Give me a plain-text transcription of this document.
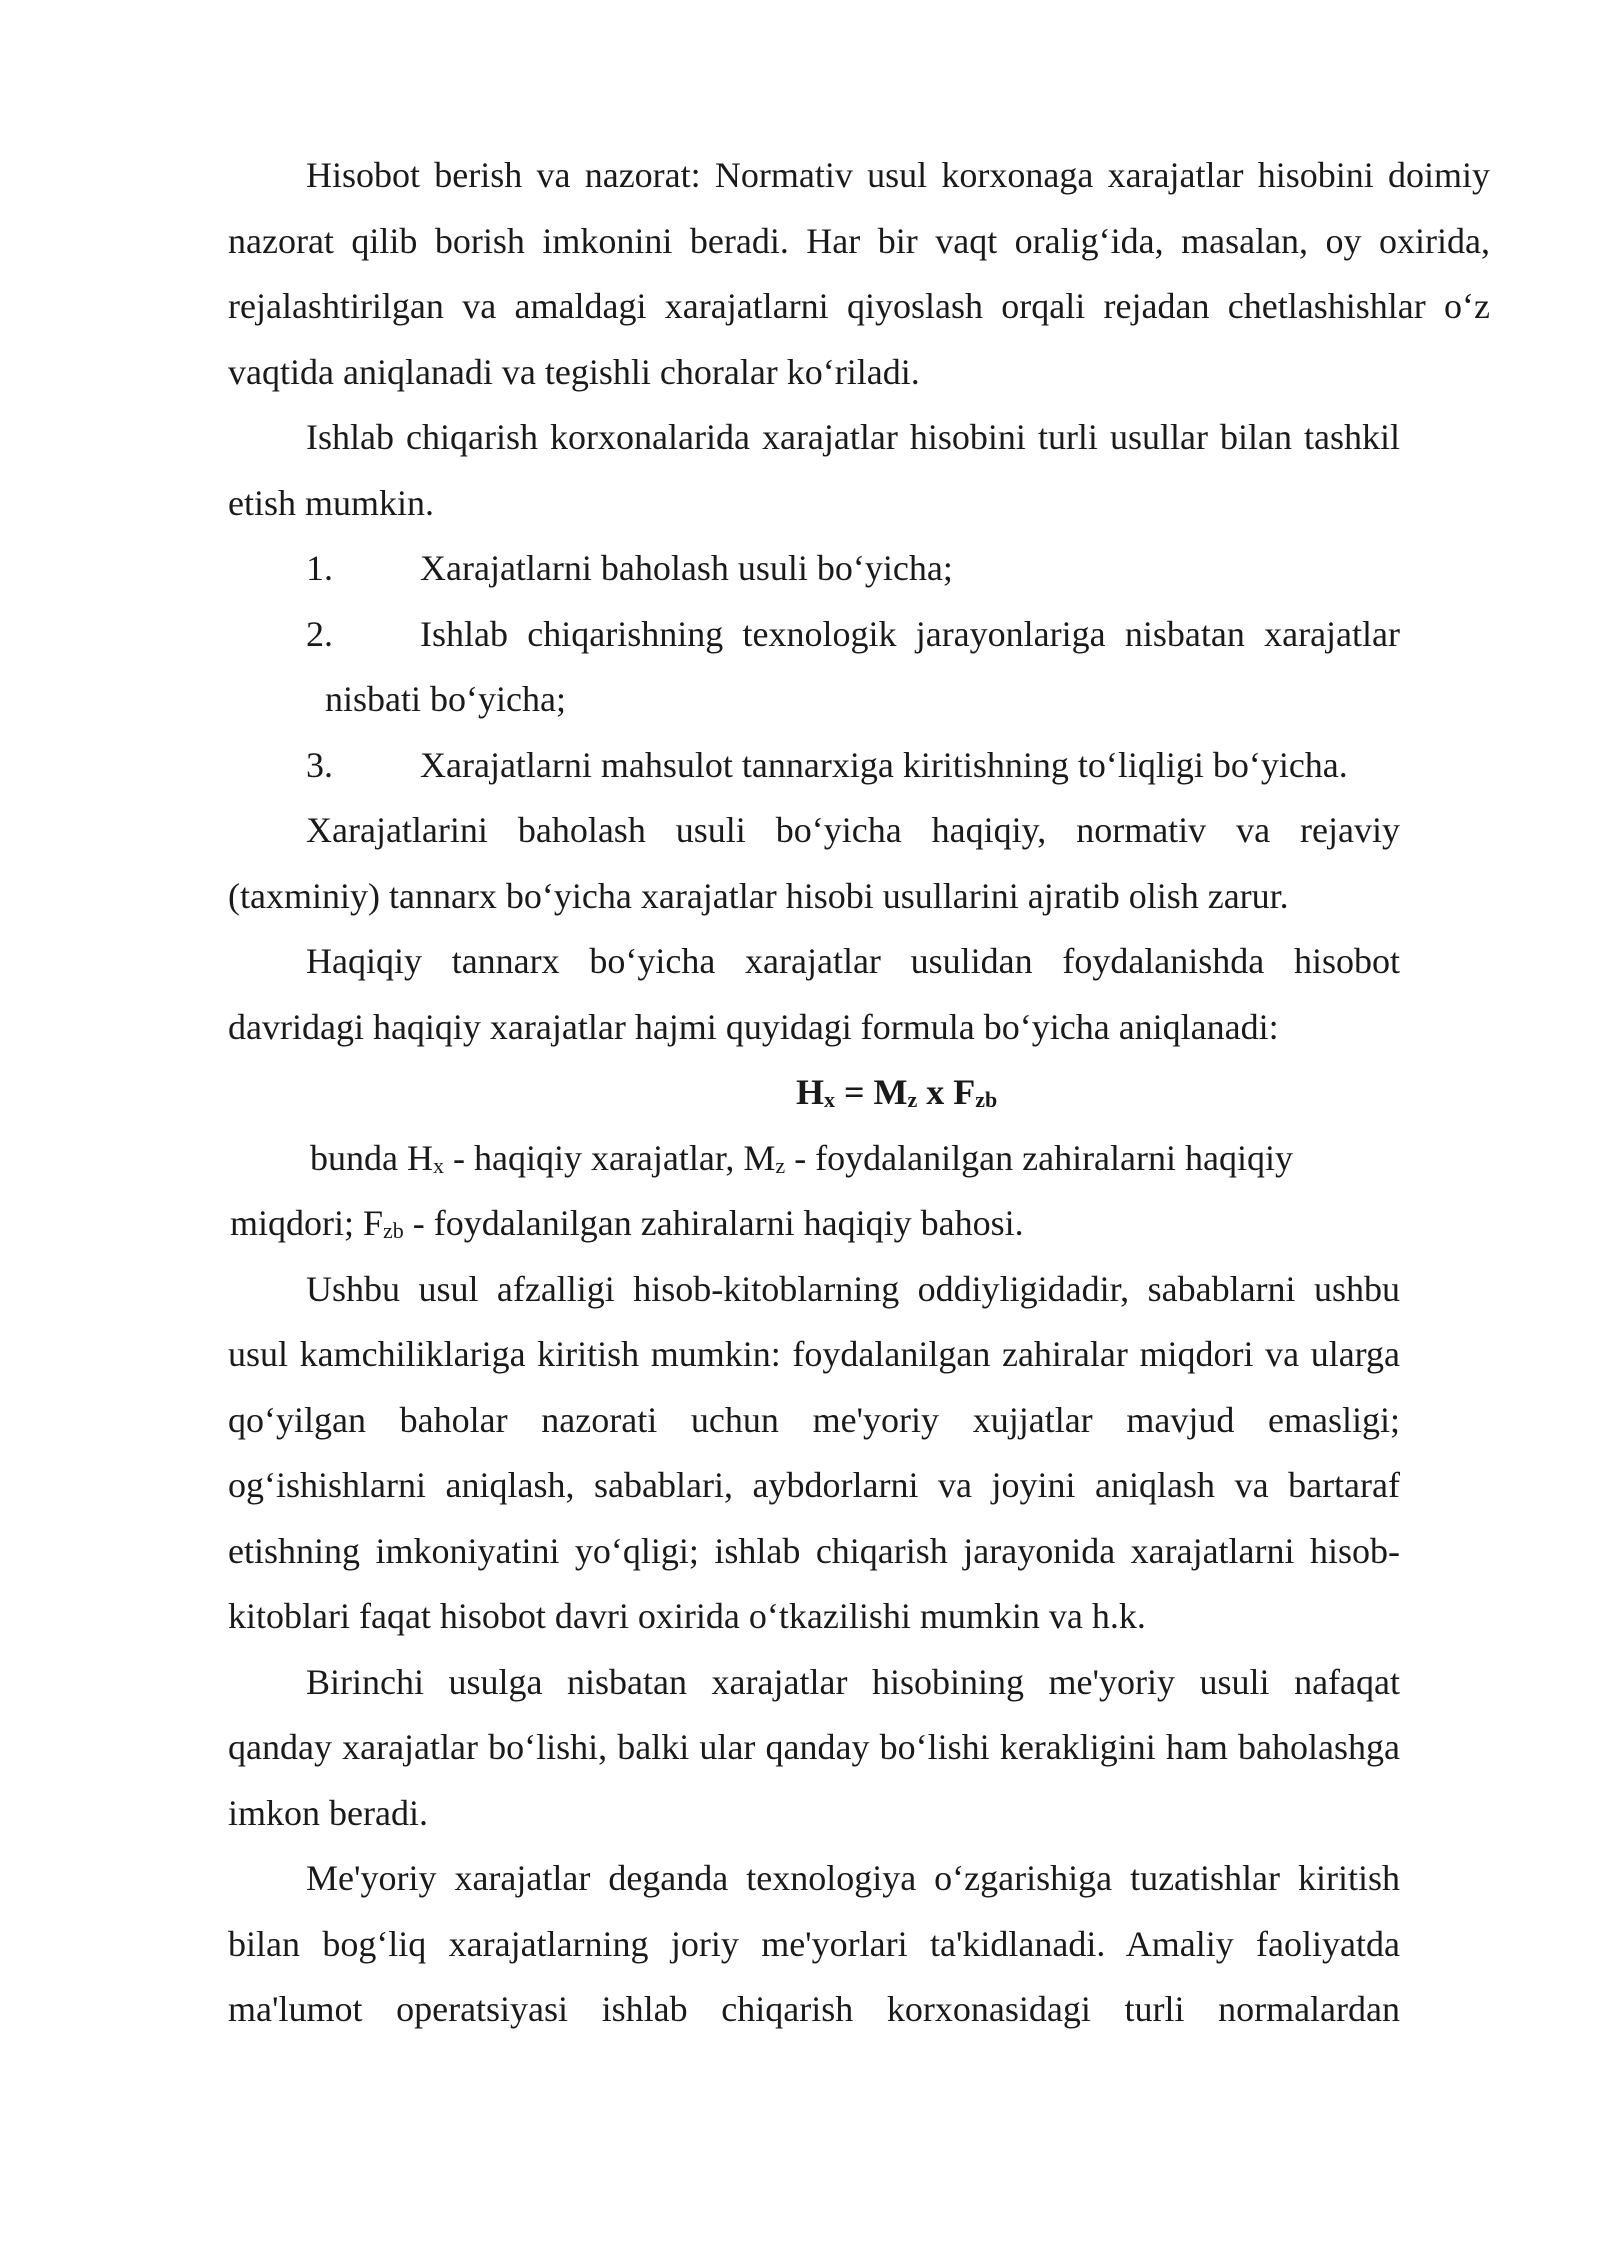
Hisobot berish va nazorat: Normativ usul korxonaga xarajatlar hisobini doimiy nazorat qilib borish imkonini beradi. Har bir vaqt oralig‘ida, masalan, oy oxirida, rejalashtirilgan va amaldagi xarajatlarni qiyoslash orqali rejadan chetlashishlar o‘z vaqtida aniqlanadi va tegishli choralar ko‘riladi.

Ishlab chiqarish korxonalarida xarajatlar hisobini turli usullar bilan tashkil etish mumkin.

1. Xarajatlarni baholash usuli bo‘yicha;
2. Ishlab chiqarishning texnologik jarayonlariga nisbatan xarajatlar nisbati bo‘yicha;
3. Xarajatlarni mahsulot tannarxiga kiritishning to‘liqligi bo‘yicha.

Xarajatlarini baholash usuli bo‘yicha haqiqiy, normativ va rejaviy (taxminiy) tannarx bo‘yicha xarajatlar hisobi usullarini ajratib olish zarur.

Haqiqiy tannarx bo‘yicha xarajatlar usulidan foydalanishda hisobot davridagi haqiqiy xarajatlar hajmi quyidagi formula bo‘yicha aniqlanadi:

$H_x = M_z$ x $F_{zb}$

bunda $H_x$ - haqiqiy xarajatlar, $M_z$ - foydalanilgan zahiralarni haqiqiy

miqdori; $F_{zb}$ - foydalanilgan zahiralarni haqiqiy bahosi.

Ushbu usul afzalligi hisob-kitoblarning oddiyligidadir, sabablarni ushbu usul kamchiliklariga kiritish mumkin: foydalanilgan zahiralar miqdori va ularga qo‘yilgan baholar nazorati uchun me'yoriy xujjatlar mavjud emasligi; og‘ishishlarni aniqlash, sabablari, aybdorlarni va joyini aniqlash va bartaraf etishning imkoniyatini yo‘qligi; ishlab chiqarish jarayonida xarajatlarni hisob-kitoblari faqat hisobot davri oxirida o‘tkazilishi mumkin va h.k.

Birinchi usulga nisbatan xarajatlar hisobining me'yoriy usuli nafaqat qanday xarajatlar bo‘lishi, balki ular qanday bo‘lishi kerakligini ham baholashga imkon beradi.

Me'yoriy xarajatlar deganda texnologiya o‘zgarishiga tuzatishlar kiritish bilan bog‘liq xarajatlarning joriy me'yorlari ta'kidlanadi. Amaliy faoliyatda ma'lumot operatsiyasi ishlab chiqarish korxonasidagi turli normalardan
